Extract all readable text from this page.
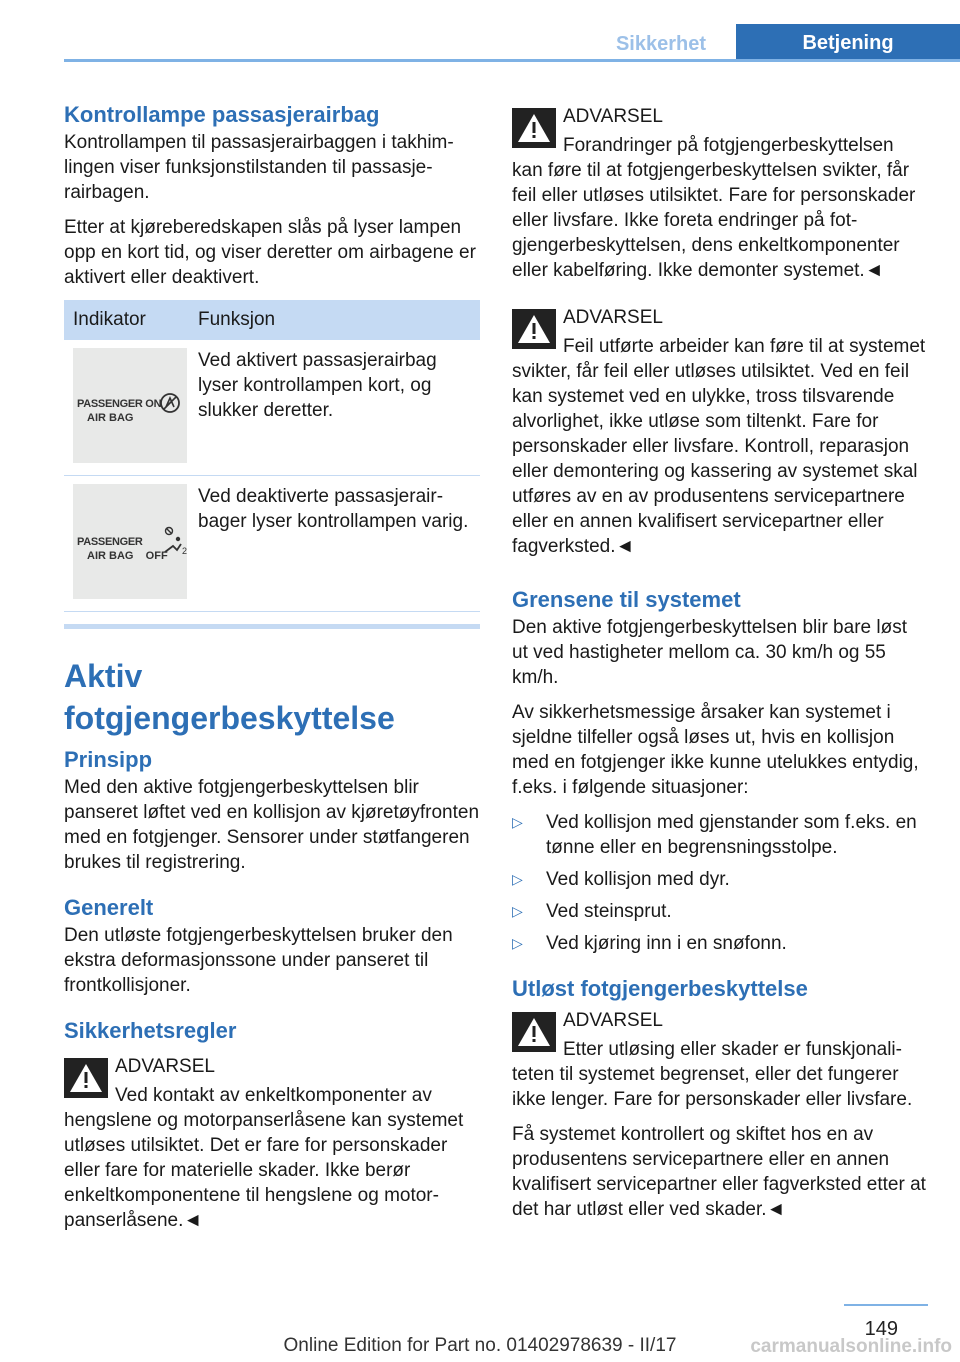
Sikkerhet	Betjening
Kontrollampe passasjerairbag

Kontrollampen til passasjerairbaggen i takhimlingen viser funksjonstilstanden til passasjerairbagen.

Etter at kjøreberedskapen slås på lyser lampen opp en kort tid, og viser deretter om airbagene er aktivert eller deaktivert.

Indikator	Funksjon

PASSENGER ON
AIR BAG	Ved aktivert passasjerairbag lyser kontrollampen kort, og slukker deretter.

PASSENGER
AIR BAG    OFF 2	Ved deaktiverte passasjerairbager lyser kontrollampen varig.
Aktiv fotgjengerbeskyttelse
Prinsipp

Med den aktive fotgjengerbeskyttelsen blir panseret løftet ved en kollisjon av kjøretøyfronten med en fotgjenger. Sensorer under støtfangeren brukes til registrering.

Generelt

Den utløste fotgjengerbeskyttelsen bruker den ekstra deformasjonssone under panseret til frontkollisjoner.

Sikkerhetsregler
ADVARSEL
Ved kontakt av enkeltkomponenter av hengslene og motorpanserlåsene kan systemet utløses utilsiktet. Det er fare for personskader eller fare for materielle skader. Ikke berør enkeltkomponentene til hengslene og motorpanserlåsene.◄
ADVARSEL
Forandringer på fotgjengerbeskyttelsen kan føre til at fotgjengerbeskyttelsen svikter, får feil eller utløses utilsiktet. Fare for personskader eller livsfare. Ikke foreta endringer på fotgjengerbeskyttelsen, dens enkeltkomponenter eller kabelføring. Ikke demonter systemet.◄
ADVARSEL
Feil utførte arbeider kan føre til at systemet svikter, får feil eller utløses utilsiktet. Ved en feil kan systemet ved en ulykke, tross tilsvarende alvorlighet, ikke utløse som tiltenkt. Fare for personskader eller livsfare. Kontroll, reparasjon eller demontering og kassering av systemet skal utføres av en av produsentens servicepartnere eller en annen kvalifisert servicepartner eller fagverksted.◄
Grensene til systemet

Den aktive fotgjengerbeskyttelsen blir bare løst ut ved hastigheter mellom ca. 30 km/h og 55 km/h.

Av sikkerhetsmessige årsaker kan systemet i sjeldne tilfeller også løses ut, hvis en kollisjon med en fotgjenger ikke kunne utelukkes entydig, f.eks. i følgende situasjoner:

▷ Ved kollisjon med gjenstander som f.eks. en tønne eller en begrensningsstolpe.
▷ Ved kollisjon med dyr.
▷ Ved steinsprut.
▷ Ved kjøring inn i en snøfonn.
Utløst fotgjengerbeskyttelse
ADVARSEL
Etter utløsing eller skader er funskjonaliteten til systemet begrenset, eller det fungerer ikke lenger. Fare for personskader eller livsfare.

Få systemet kontrollert og skiftet hos en av produsentens servicepartnere eller en annen kvalifisert servicepartner eller fagverksted etter at det har utløst eller ved skader.◄

149
Online Edition for Part no. 01402978639 - II/17	carmanualsonline.info
